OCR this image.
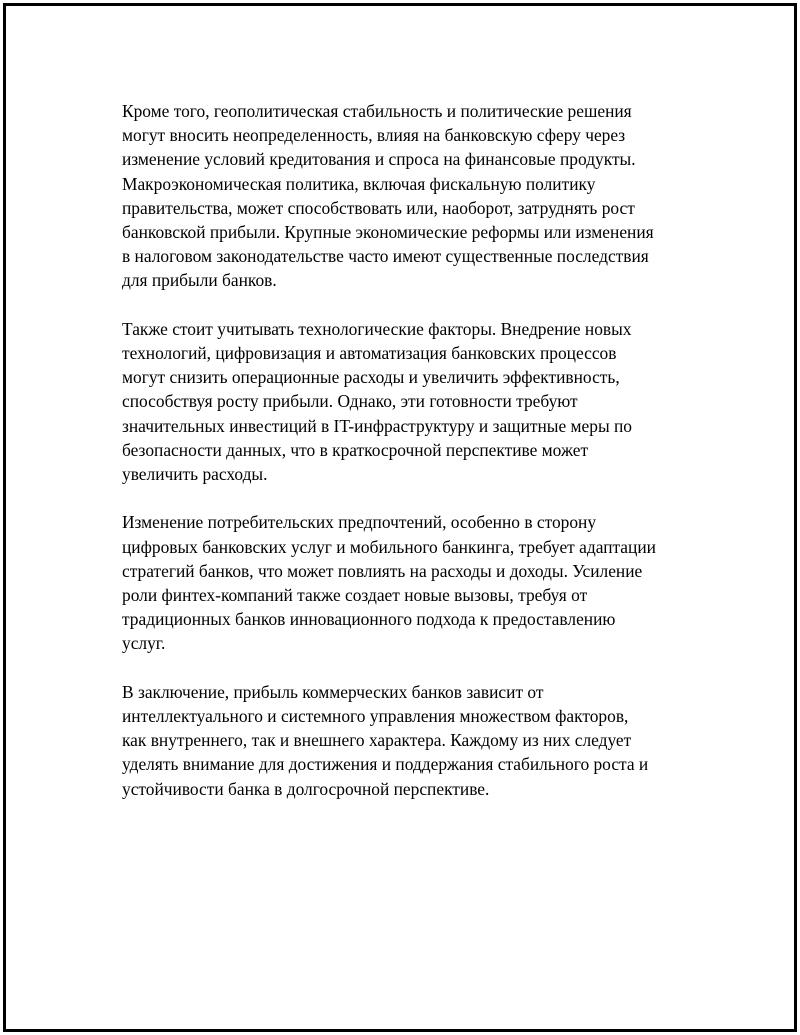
Кроме того, геополитическая стабильность и политические решения
могут вносить неопределенность, влияя на банковскую сферу через
изменение условий кредитования и спроса на финансовые продукты.
Макроэкономическая политика, включая фискальную политику
правительства, может способствовать или, наоборот, затруднять рост
банковской прибыли. Крупные экономические реформы или изменения
в налоговом законодательстве часто имеют существенные последствия
для прибыли банков.

Также стоит учитывать технологические факторы. Внедрение новых
технологий, цифровизация и автоматизация банковских процессов
могут снизить операционные расходы и увеличить эффективность,
способствуя росту прибыли. Однако, эти готовности требуют
значительных инвестиций в IT-инфраструктуру и защитные меры по
безопасности данных, что в краткосрочной перспективе может
увеличить расходы.

Изменение потребительских предпочтений, особенно в сторону
цифровых банковских услуг и мобильного банкинга, требует адаптации
стратегий банков, что может повлиять на расходы и доходы. Усиление
роли финтех-компаний также создает новые вызовы, требуя от
традиционных банков инновационного подхода к предоставлению
услуг.

В заключение, прибыль коммерческих банков зависит от
интеллектуального и системного управления множеством факторов,
как внутреннего, так и внешнего характера. Каждому из них следует
уделять внимание для достижения и поддержания стабильного роста и
устойчивости банка в долгосрочной перспективе.
